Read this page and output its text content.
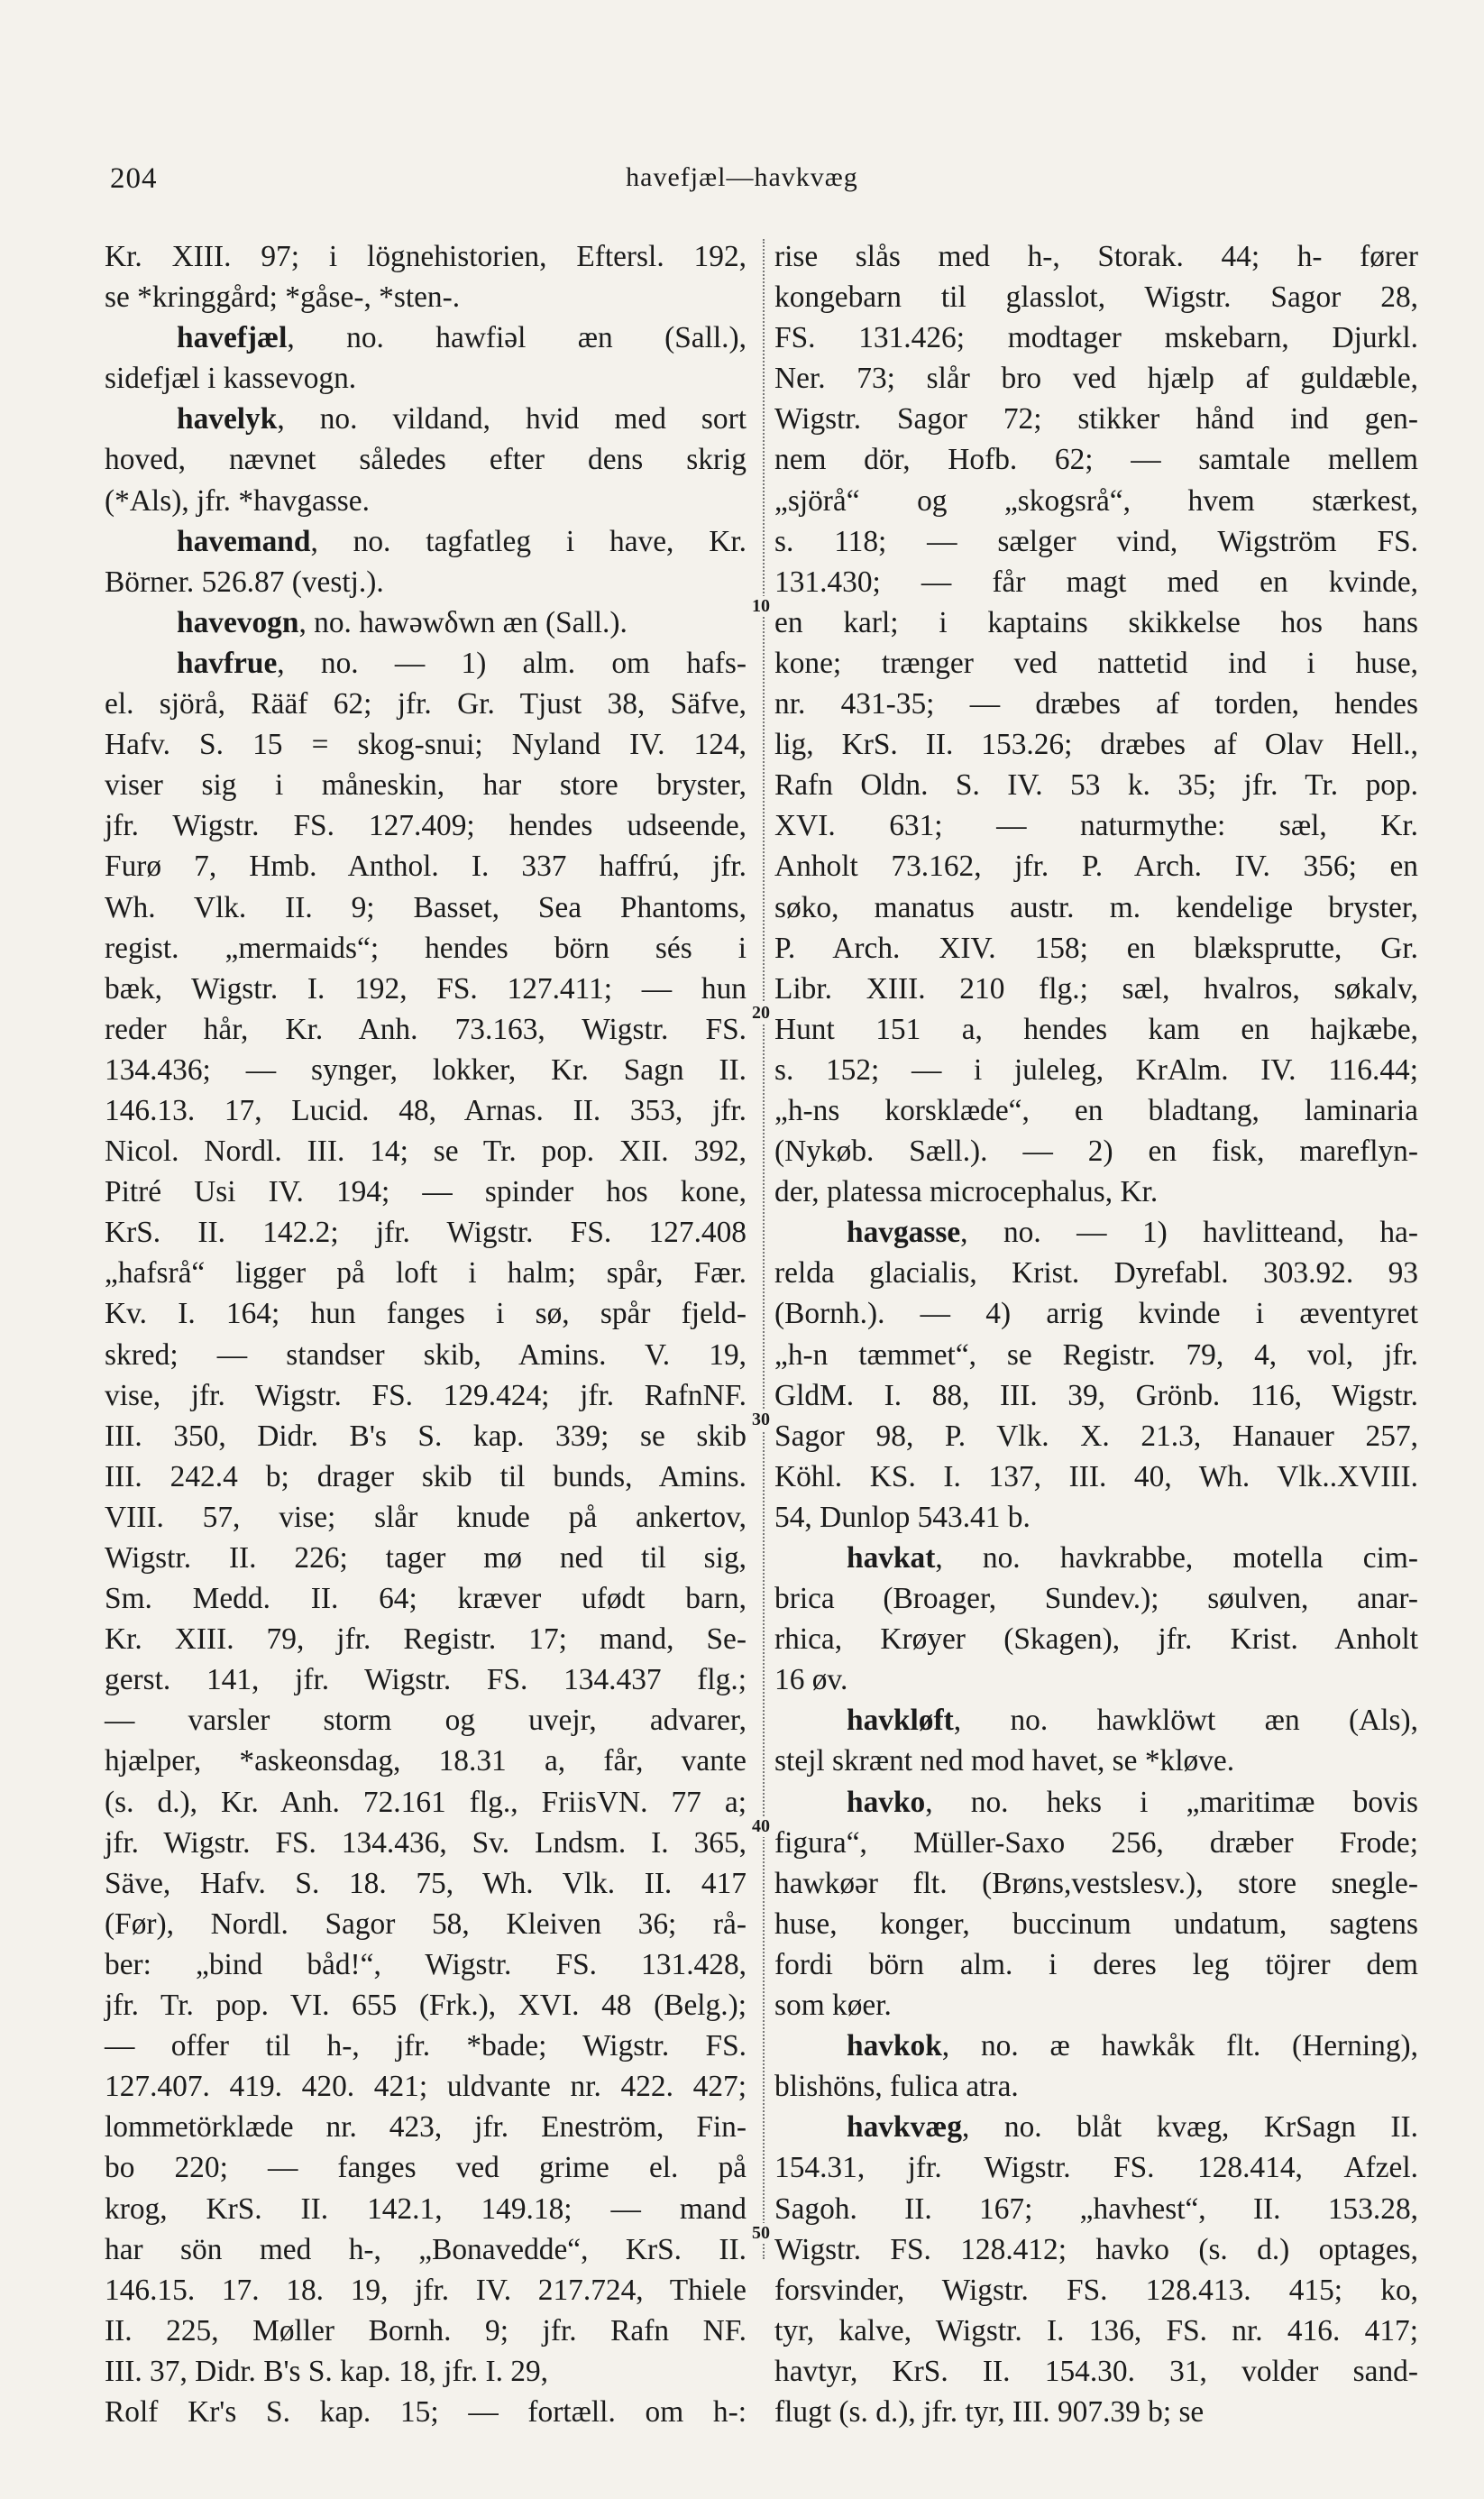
204	havefjæl—havkvæg
Kr. XIII. 97; i lögnehistorien, Eftersl. 192,
se *kringgård; *gåse-, *sten-.
havefjæl, no. hawfiəl æn (Sall.),
sidefjæl i kassevogn.
havelyk, no. vildand, hvid med sort
hoved, nævnet således efter dens skrig
(*Als), jfr. *havgasse.
havemand, no. tagfatleg i have, Kr.
Börner. 526.87 (vestj.).
havevogn, no. hawəwδwn æn (Sall.).
havfrue, no. — 1) alm. om hafs-
el. sjörå, Rääf 62; jfr. Gr. Tjust 38, Säfve,
Hafv. S. 15 = skog-snui; Nyland IV. 124,
viser sig i måneskin, har store bryster,
jfr. Wigstr. FS. 127.409; hendes udseende,
Furø 7, Hmb. Anthol. I. 337 haffrú, jfr.
Wh. Vlk. II. 9; Basset, Sea Phantoms,
regist. „mermaids“; hendes börn sés i
bæk, Wigstr. I. 192, FS. 127.411; — hun
reder hår, Kr. Anh. 73.163, Wigstr. FS.
134.436; — synger, lokker, Kr. Sagn II.
146.13. 17, Lucid. 48, Arnas. II. 353, jfr.
Nicol. Nordl. III. 14; se Tr. pop. XII. 392,
Pitré Usi IV. 194; — spinder hos kone,
KrS. II. 142.2; jfr. Wigstr. FS. 127.408
„hafsrå“ ligger på loft i halm; spår, Fær.
Kv. I. 164; hun fanges i sø, spår fjeld-
skred; — standser skib, Amins. V. 19,
vise, jfr. Wigstr. FS. 129.424; jfr. RafnNF.
III. 350, Didr. B's S. kap. 339; se skib
III. 242.4 b; drager skib til bunds, Amins.
VIII. 57, vise; slår knude på ankertov,
Wigstr. II. 226; tager mø ned til sig,
Sm. Medd. II. 64; kræver ufødt barn,
Kr. XIII. 79, jfr. Registr. 17; mand, Se-
gerst. 141, jfr. Wigstr. FS. 134.437 flg.;
— varsler storm og uvejr, advarer,
hjælper, *askeonsdag, 18.31 a, får, vante
(s. d.), Kr. Anh. 72.161 flg., FriisVN. 77 a;
jfr. Wigstr. FS. 134.436, Sv. Lndsm. I. 365,
Säve, Hafv. S. 18. 75, Wh. Vlk. II. 417
(Før), Nordl. Sagor 58, Kleiven 36; rå-
ber: „bind båd!“, Wigstr. FS. 131.428,
jfr. Tr. pop. VI. 655 (Frk.), XVI. 48 (Belg.);
— offer til h-, jfr. *bade; Wigstr. FS.
127.407. 419. 420. 421; uldvante nr. 422. 427;
lommetörklæde nr. 423, jfr. Eneström, Fin-
bo 220; — fanges ved grime el. på
krog, KrS. II. 142.1, 149.18; — mand
har sön med h-, „Bonavedde“, KrS. II.
146.15. 17. 18. 19, jfr. IV. 217.724, Thiele
II. 225, Møller Bornh. 9; jfr. Rafn NF.
III. 37, Didr. B's S. kap. 18, jfr. I. 29,
Rolf Kr's S. kap. 15; — fortæll. om h-:
rise slås med h-, Storak. 44; h- fører
kongebarn til glasslot, Wigstr. Sagor 28,
FS. 131.426; modtager mskebarn, Djurkl.
Ner. 73; slår bro ved hjælp af guldæble,
Wigstr. Sagor 72; stikker hånd ind gen-
nem dör, Hofb. 62; — samtale mellem
„sjörå“ og „skogsrå“, hvem stærkest,
s. 118; — sælger vind, Wigström FS.
131.430; — får magt med en kvinde,
en karl; i kaptains skikkelse hos hans
kone; trænger ved nattetid ind i huse,
nr. 431-35; — dræbes af torden, hendes
lig, KrS. II. 153.26; dræbes af Olav Hell.,
Rafn Oldn. S. IV. 53 k. 35; jfr. Tr. pop.
XVI. 631; — naturmythe: sæl, Kr.
Anholt 73.162, jfr. P. Arch. IV. 356; en
søko, manatus austr. m. kendelige bryster,
P. Arch. XIV. 158; en blæksprutte, Gr.
Libr. XIII. 210 flg.; sæl, hvalros, søkalv,
Hunt 151 a, hendes kam en hajkæbe,
s. 152; — i juleleg, KrAlm. IV. 116.44;
„h-ns korsklæde“, en bladtang, laminaria
(Nykøb. Sæll.). — 2) en fisk, mareflyn-
der, platessa microcephalus, Kr.
havgasse, no. — 1) havlitteand, ha-
relda glacialis, Krist. Dyrefabl. 303.92. 93
(Bornh.). — 4) arrig kvinde i æventyret
„h-n tæmmet“, se Registr. 79, 4, vol, jfr.
GldM. I. 88, III. 39, Grönb. 116, Wigstr.
Sagor 98, P. Vlk. X. 21.3, Hanauer 257,
Köhl. KS. I. 137, III. 40, Wh. Vlk..XVIII.
54, Dunlop 543.41 b.
havkat, no. havkrabbe, motella cim-
brica (Broager, Sundev.); søulven, anar-
rhica, Krøyer (Skagen), jfr. Krist. Anholt
16 øv.
havkløft, no. hawklöwt æn (Als),
stejl skrænt ned mod havet, se *kløve.
havko, no. heks i „maritimæ bovis
figura“, Müller-Saxo 256, dræber Frode;
hawkøər flt. (Brøns,vestslesv.), store snegle-
huse, konger, buccinum undatum, sagtens
fordi börn alm. i deres leg töjrer dem
som køer.
havkok, no. æ hawkåk flt. (Herning),
blishöns, fulica atra.
havkvæg, no. blåt kvæg, KrSagn II.
154.31, jfr. Wigstr. FS. 128.414, Afzel.
Sagoh. II. 167; „havhest“, II. 153.28,
Wigstr. FS. 128.412; havko (s. d.) optages,
forsvinder, Wigstr. FS. 128.413. 415; ko,
tyr, kalve, Wigstr. I. 136, FS. nr. 416. 417;
havtyr, KrS. II. 154.30. 31, volder sand-
flugt (s. d.), jfr. tyr, III. 907.39 b; se
10
20
30
40
50
